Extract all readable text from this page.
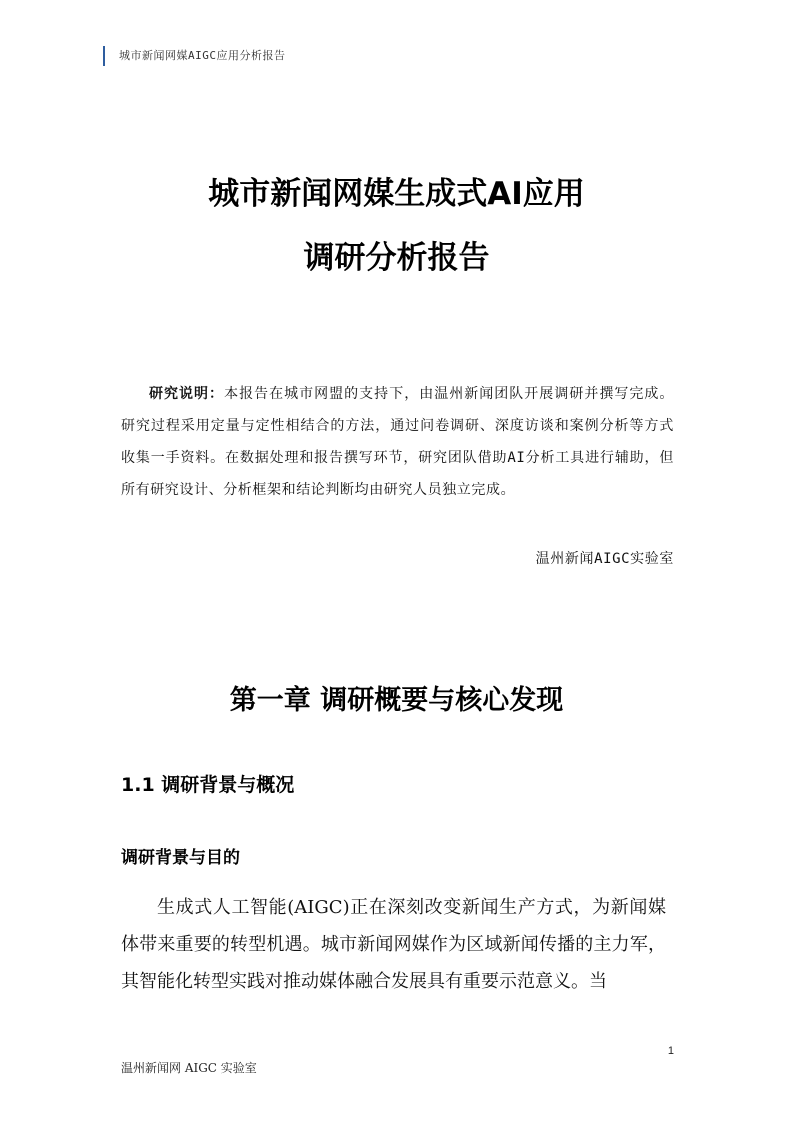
城市新闻网媒AIGC应用分析报告
城市新闻网媒生成式AI应用
调研分析报告

研究说明：本报告在城市网盟的支持下，由温州新闻团队开展调研并撰写完成。研究过程采用定量与定性相结合的方法，通过问卷调研、深度访谈和案例分析等方式收集一手资料。在数据处理和报告撰写环节，研究团队借助AI分析工具进行辅助，但所有研究设计、分析框架和结论判断均由研究人员独立完成。

温州新闻AIGC实验室

第一章 调研概要与核心发现
1.1 调研背景与概况
调研背景与目的

生成式人工智能(AIGC)正在深刻改变新闻生产方式，为新闻媒体带来重要的转型机遇。城市新闻网媒作为区域新闻传播的主力军，其智能化转型实践对推动媒体融合发展具有重要示范意义。当

1
温州新闻网 AIGC 实验室
